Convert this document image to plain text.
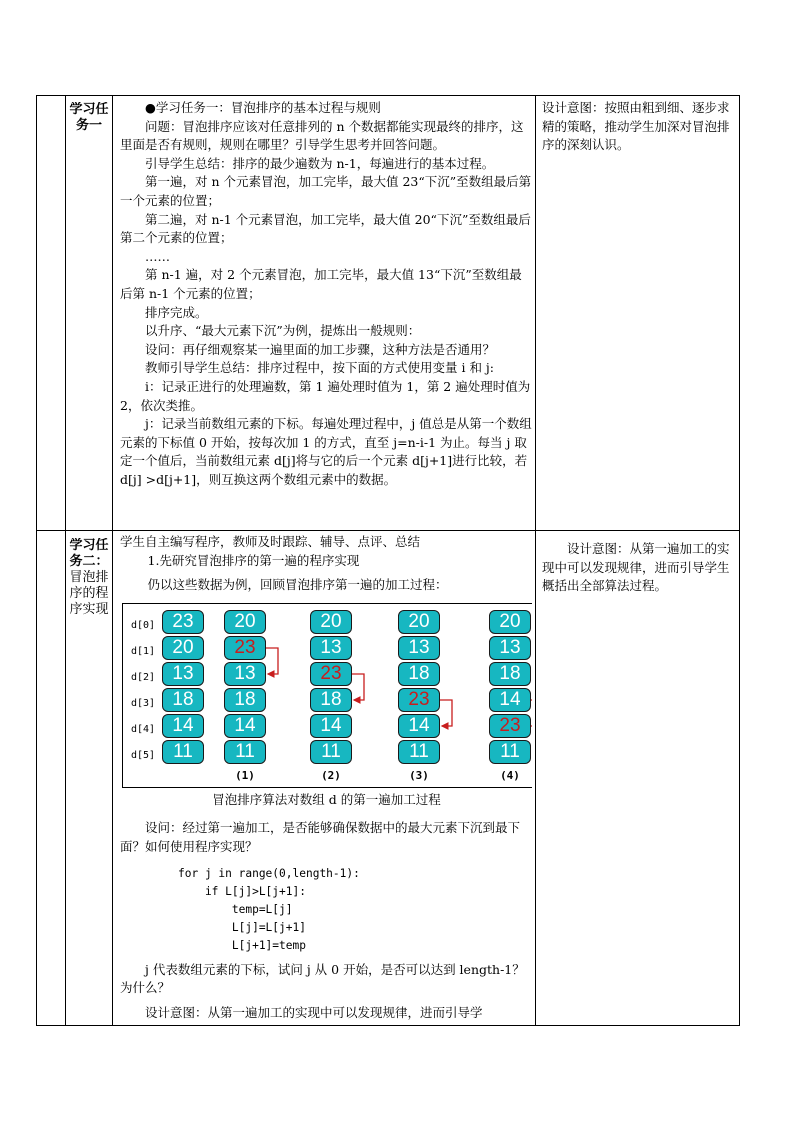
学习任务一

●学习任务一：冒泡排序的基本过程与规则

问题：冒泡排序应该对任意排列的 n 个数据都能实现最终的排序，这里面是否有规则，规则在哪里？引导学生思考并回答问题。

引导学生总结：排序的最少遍数为 n-1，每遍进行的基本过程。

第一遍，对 n 个元素冒泡，加工完毕，最大值 23“下沉”至数组最后第一个元素的位置；

第二遍，对 n-1 个元素冒泡，加工完毕，最大值 20“下沉”至数组最后第二个元素的位置；

……

第 n-1 遍，对 2 个元素冒泡，加工完毕，最大值 13“下沉”至数组最后第 n-1 个元素的位置；

排序完成。

以升序、“最大元素下沉”为例，提炼出一般规则：

设问：再仔细观察某一遍里面的加工步骤，这种方法是否通用？

教师引导学生总结：排序过程中，按下面的方式使用变量 i 和 j:

i：记录正进行的处理遍数，第 1 遍处理时值为 1，第 2 遍处理时值为 2，依次类推。

j：记录当前数组元素的下标。每遍处理过程中，j 值总是从第一个数组元素的下标值 0 开始，按每次加 1 的方式，直至 j=n-i-1 为止。每当 j 取定一个值后，当前数组元素 d[j]将与它的后一个元素 d[j+1]进行比较，若 d[j] >d[j+1]，则互换这两个数组元素中的数据。

设计意图：按照由粗到细、逐步求精的策略，推动学生加深对冒泡排序的深刻认识。

学习任务二：冒泡排序的程序实现

学生自主编写程序，教师及时跟踪、辅导、点评、总结

1.先研究冒泡排序的第一遍的程序实现

仍以这些数据为例，回顾冒泡排序第一遍的加工过程：

d[0]
d[1]
d[2]
d[3]
d[4]
d[5]
23
20
13
18
14
11
20
23
13
18
14
11
(1)
20
13
23
18
14
11
(2)
20
13
18
23
14
11
(3)
20
13
18
14
23
11
(4)
冒泡排序算法对数组 d 的第一遍加工过程

设问：经过第一遍加工，是否能够确保数据中的最大元素下沉到最下面？如何使用程序实现？

for j in range(0,length-1):
if L[j]>L[j+1]:
temp=L[j]
L[j]=L[j+1]
L[j+1]=temp

j 代表数组元素的下标，试问 j 从 0 开始，是否可以达到 length-1？为什么？

设计意图：从第一遍加工的实现中可以发现规律，进而引导学

设计意图：从第一遍加工的实现中可以发现规律，进而引导学生概括出全部算法过程。
